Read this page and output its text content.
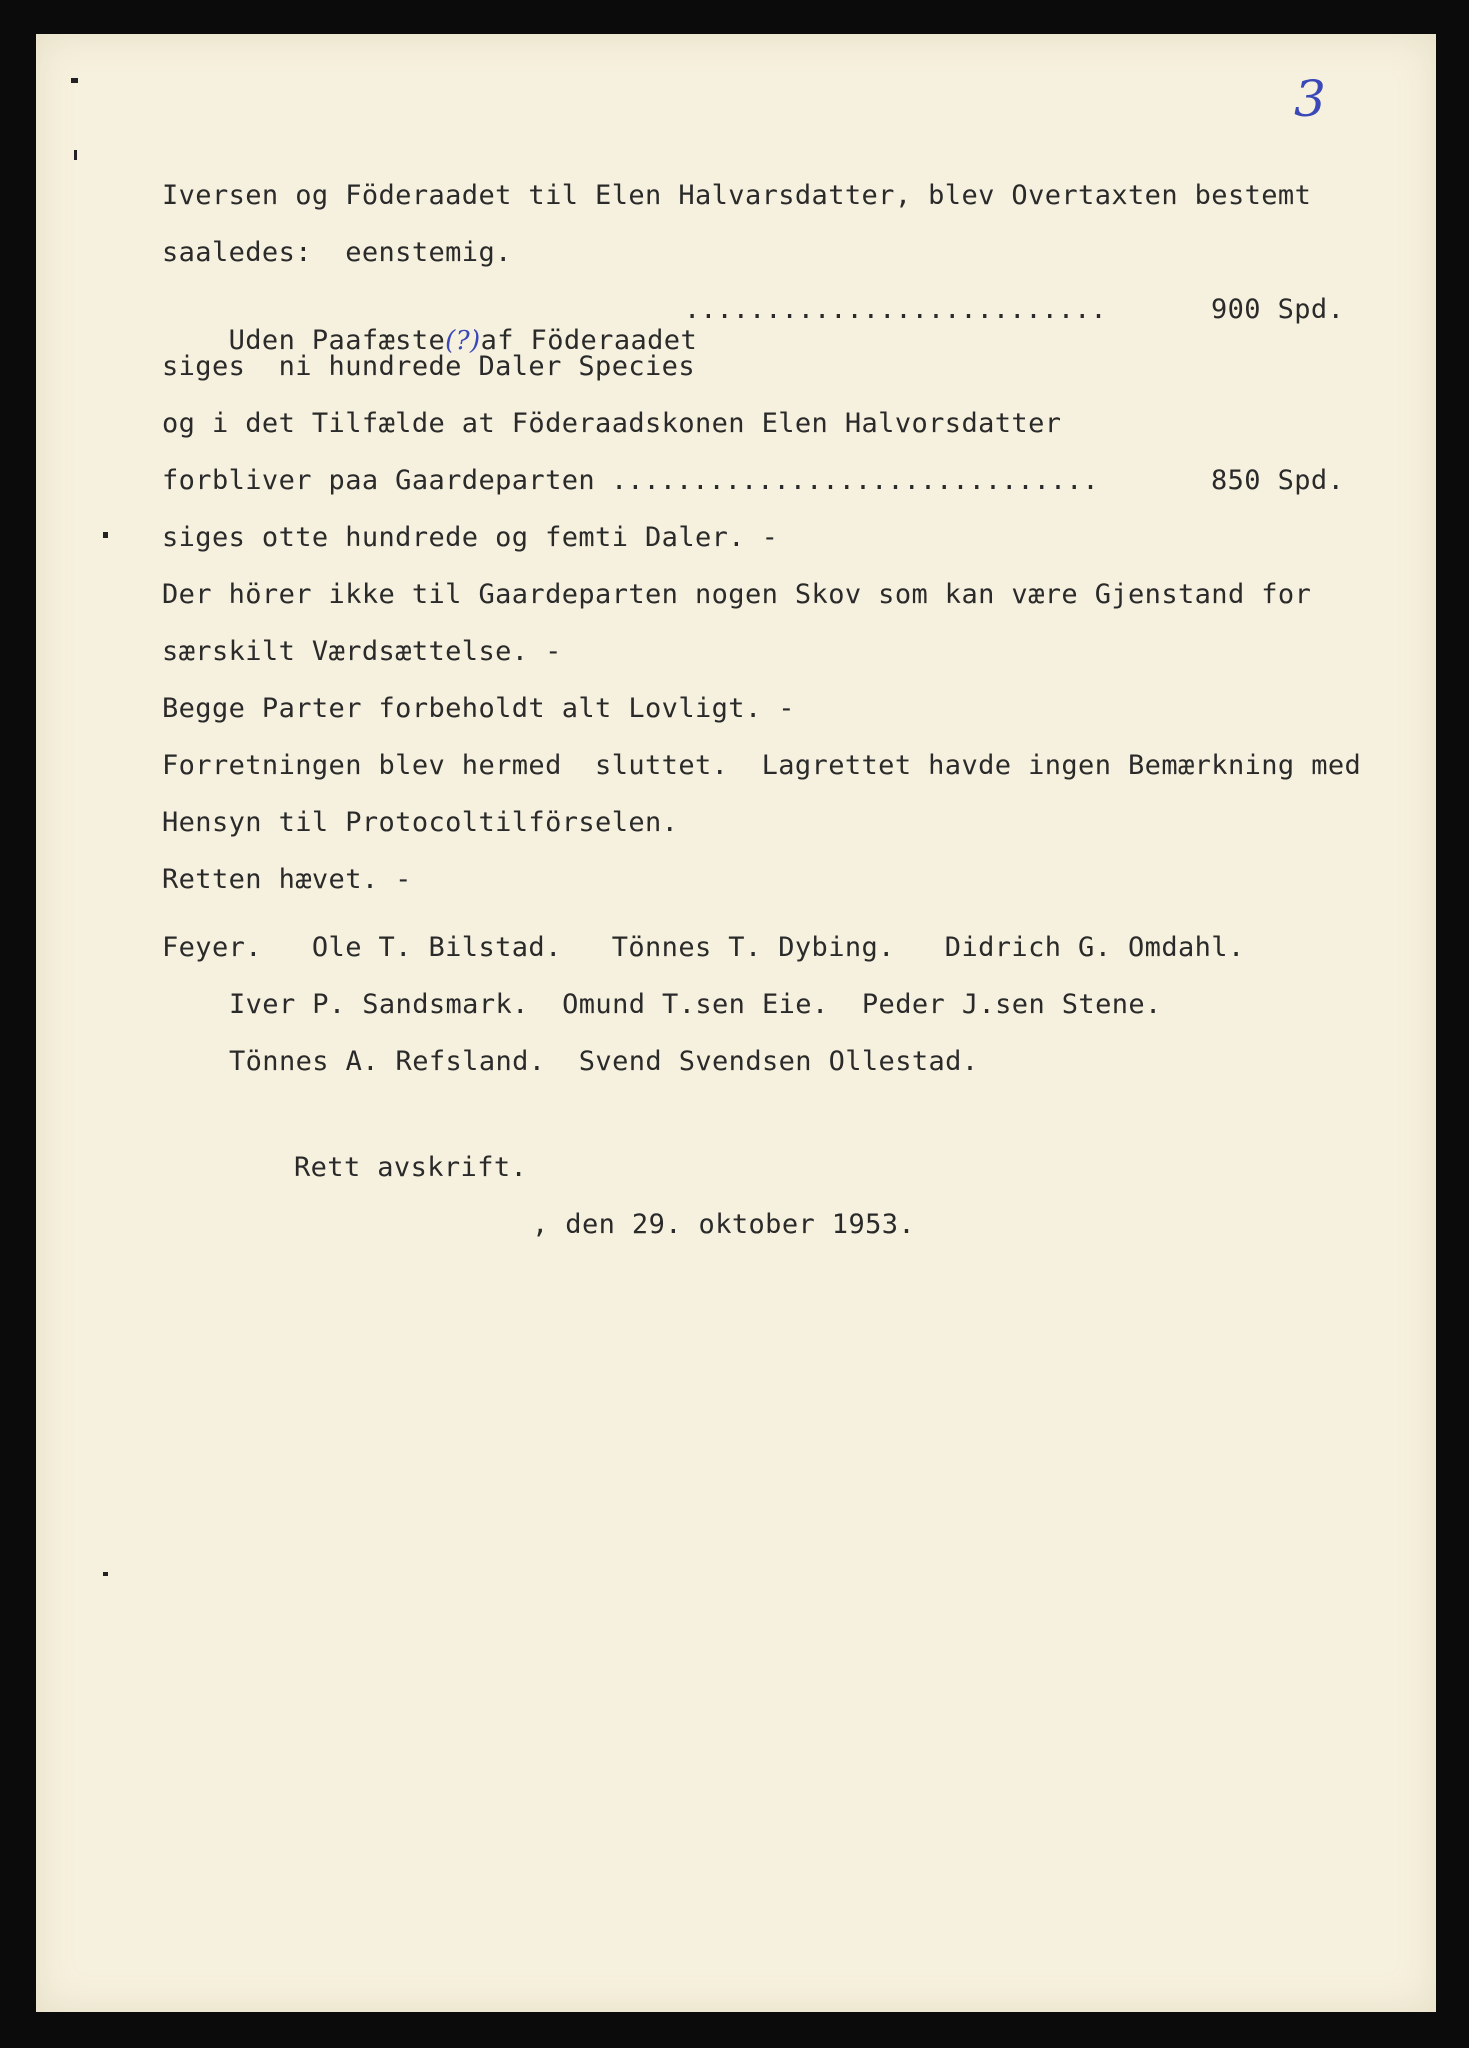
3
Iversen og Föderaadet til Elen Halvarsdatter, blev Overtaxten bestemt
saaledes:  eenstemig.

Uden Paafæste(?)af Föderaadet

..........................	900 Spd.
siges  ni hundrede Daler Species
og i det Tilfælde at Föderaadskonen Elen Halvorsdatter
forbliver paa Gaardeparten ..............................	850 Spd.
siges otte hundrede og femti Daler. -
Der hörer ikke til Gaardeparten nogen Skov som kan være Gjenstand for
særskilt Værdsættelse. -
Begge Parter forbeholdt alt Lovligt. -
Forretningen blev hermed  sluttet.  Lagrettet havde ingen Bemærkning med
Hensyn til Protocoltilförselen.
Retten hævet. -
Feyer.   Ole T. Bilstad.   Tönnes T. Dybing.   Didrich G. Omdahl.
Iver P. Sandsmark.  Omund T.sen Eie.  Peder J.sen Stene.
Tönnes A. Refsland.  Svend Svendsen Ollestad.
Rett avskrift.
, den 29. oktober 1953.
